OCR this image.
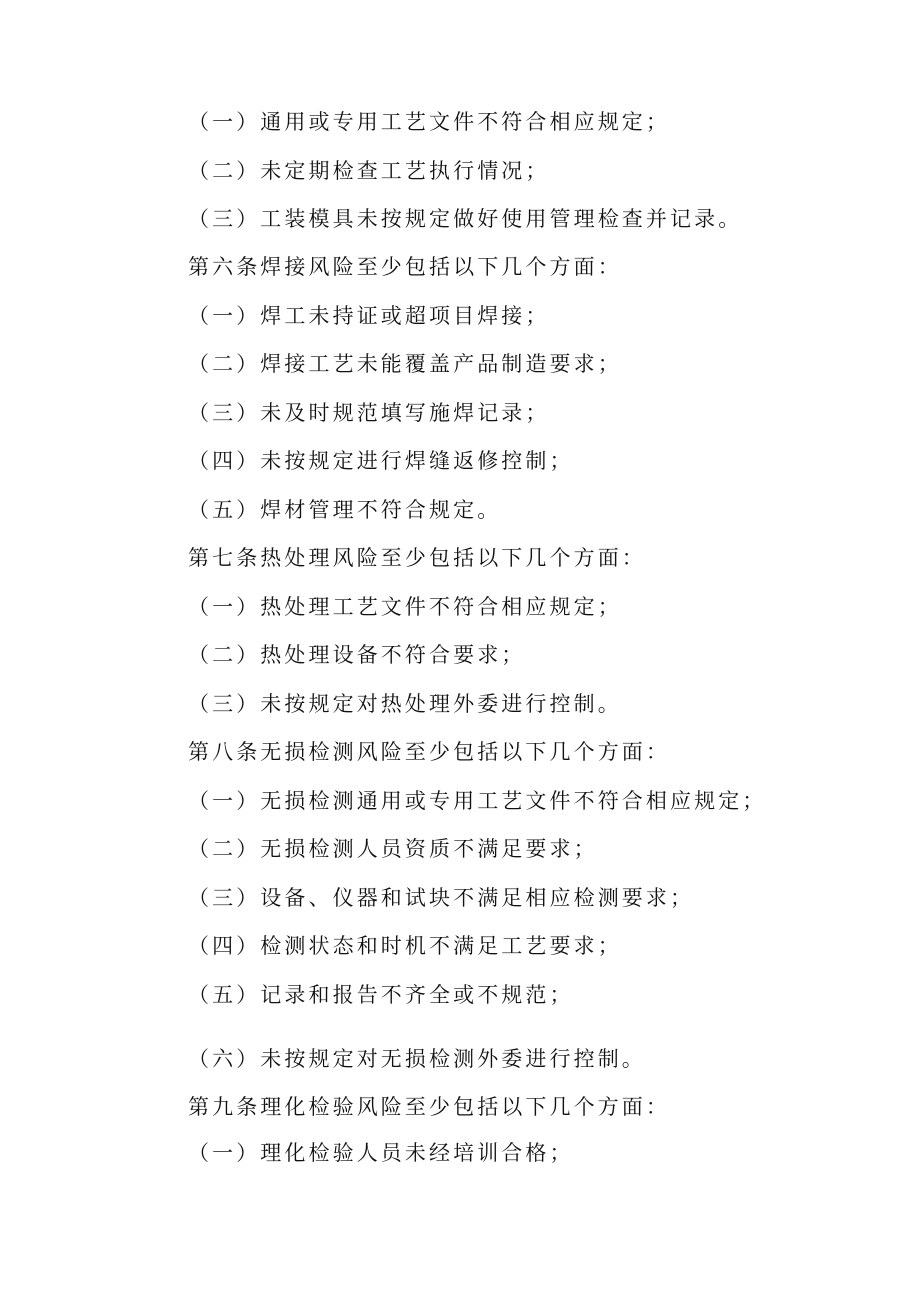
（一）通用或专用工艺文件不符合相应规定；
（二）未定期检查工艺执行情况；
（三）工装模具未按规定做好使用管理检查并记录。
第六条焊接风险至少包括以下几个方面：
（一）焊工未持证或超项目焊接；
（二）焊接工艺未能覆盖产品制造要求；
（三）未及时规范填写施焊记录；
（四）未按规定进行焊缝返修控制；
（五）焊材管理不符合规定。
第七条热处理风险至少包括以下几个方面：
（一）热处理工艺文件不符合相应规定；
（二）热处理设备不符合要求；
（三）未按规定对热处理外委进行控制。
第八条无损检测风险至少包括以下几个方面：
（一）无损检测通用或专用工艺文件不符合相应规定；
（二）无损检测人员资质不满足要求；
（三）设备、仪器和试块不满足相应检测要求；
（四）检测状态和时机不满足工艺要求；
（五）记录和报告不齐全或不规范；
（六）未按规定对无损检测外委进行控制。
第九条理化检验风险至少包括以下几个方面：
（一）理化检验人员未经培训合格；
